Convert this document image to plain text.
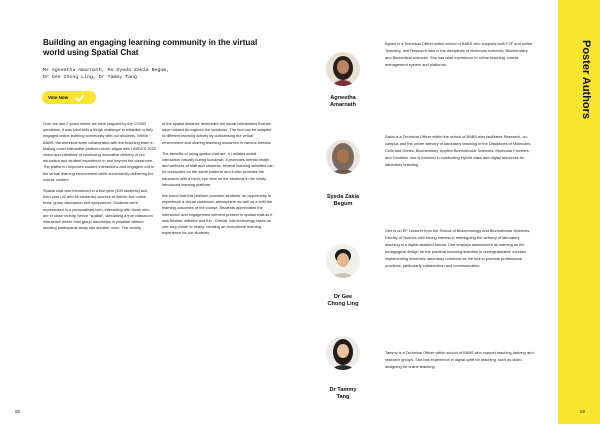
Building an engaging learning community in the virtual world using Spatial Chat
Ms Agneetha Amarnath, Ms Syeda Zakia Begum,
Dr Gee Chong Ling, Dr Tammy Tang
Vote Now

Over the last 2 years where we were plagued by the COVID pandemic, it was (and still) a tough challenge to establish a truly engaged online learning community with our students. Within BABS, the technical team collaborated with the teaching team in trialling novel interactive platform which aligns with UNSW'S 2025 vision and initiatives of continuing innovative delivery of our education and student experience in and beyond the classroom. The platform i improves student interactions and engagem ent in the virtual learning environment while successfully delivering the course content.

Spatial chat was introduced in a first year (300 students) and third year (42 and 65 students) courses to deliver live online trivia, group discussion and symposium. Students were represented in a personalised icon, interacting with those who are in close vicinity, hence "spatial", simulating a true classroom interactive where mini group discussion is possible without sending participants away into another room. The vicinity

of the spatial distance resembles the social interactions that we have missed throughout the lockdown. The tool can be adapted to different learning activity by customising the virtual environment and sharing teaching resources in various formats.

The benefits of using spatial chat are, it i mitates social interaction virtually during lockdown, it promotes mental health and wellness of staff and students, several learning activities can be conducted on the same platform and it also provides the educators with a bird's eye view on the students in the newly introduced learning platform.

We found that this platform provided students' an opportunity to experience a virtual classroom atmosphere as well as a fulfil the learning outcomes of the course. Students appreciated the interaction and engagement element present in spatial chat as it was flexible, efficient and fun . Overall, this technology takes us one step closer to reality, creating an exceptional learning experience for our students.

Agneetha
Amarnath
Agnee is a Technical Officer within school of BABS who supports both F2F and online Teaching, and Research labs in the disciplines of Molecular sciences, Biochemistry and Biomedical sciences. She has wide experience in online teaching, course management system and platforms.
Syeda Zakia
Begum
Zakia is a Technical Officer within the school of BABS who facilitates Research, on-campus and the online delivery of laboratory teaching in the Disciplines of Molecules, Cells and Genes, Biochemistry, Applied Biomolecular Sciences, Molecular Frontiers, and Genetics. she is involved in conducting Hybrid class and digital resources for laboratory teaching.
Dr Gee
Chong Ling
Gee is an EF Lecturer from the School of Biotechnology and Biomolecular Sciences, Faculty of Science with strong interest in redesigning the delivery of laboratory teaching in a digital assisted format. Gee employs assessment as learning as the pedagogical design for the practical teaching activities in undergraduates' courses, implementing electronic laboratory notebook as the tool to promote professional practices, particularly collaboration and communication.
Dr Tammy
Tang
Tammy is a Technical Officer within school of BABS who support teaching delivery and research groups. She has experience in digital uplift for teaching, such as video designing for online teaching.
Poster Authors
68	69
